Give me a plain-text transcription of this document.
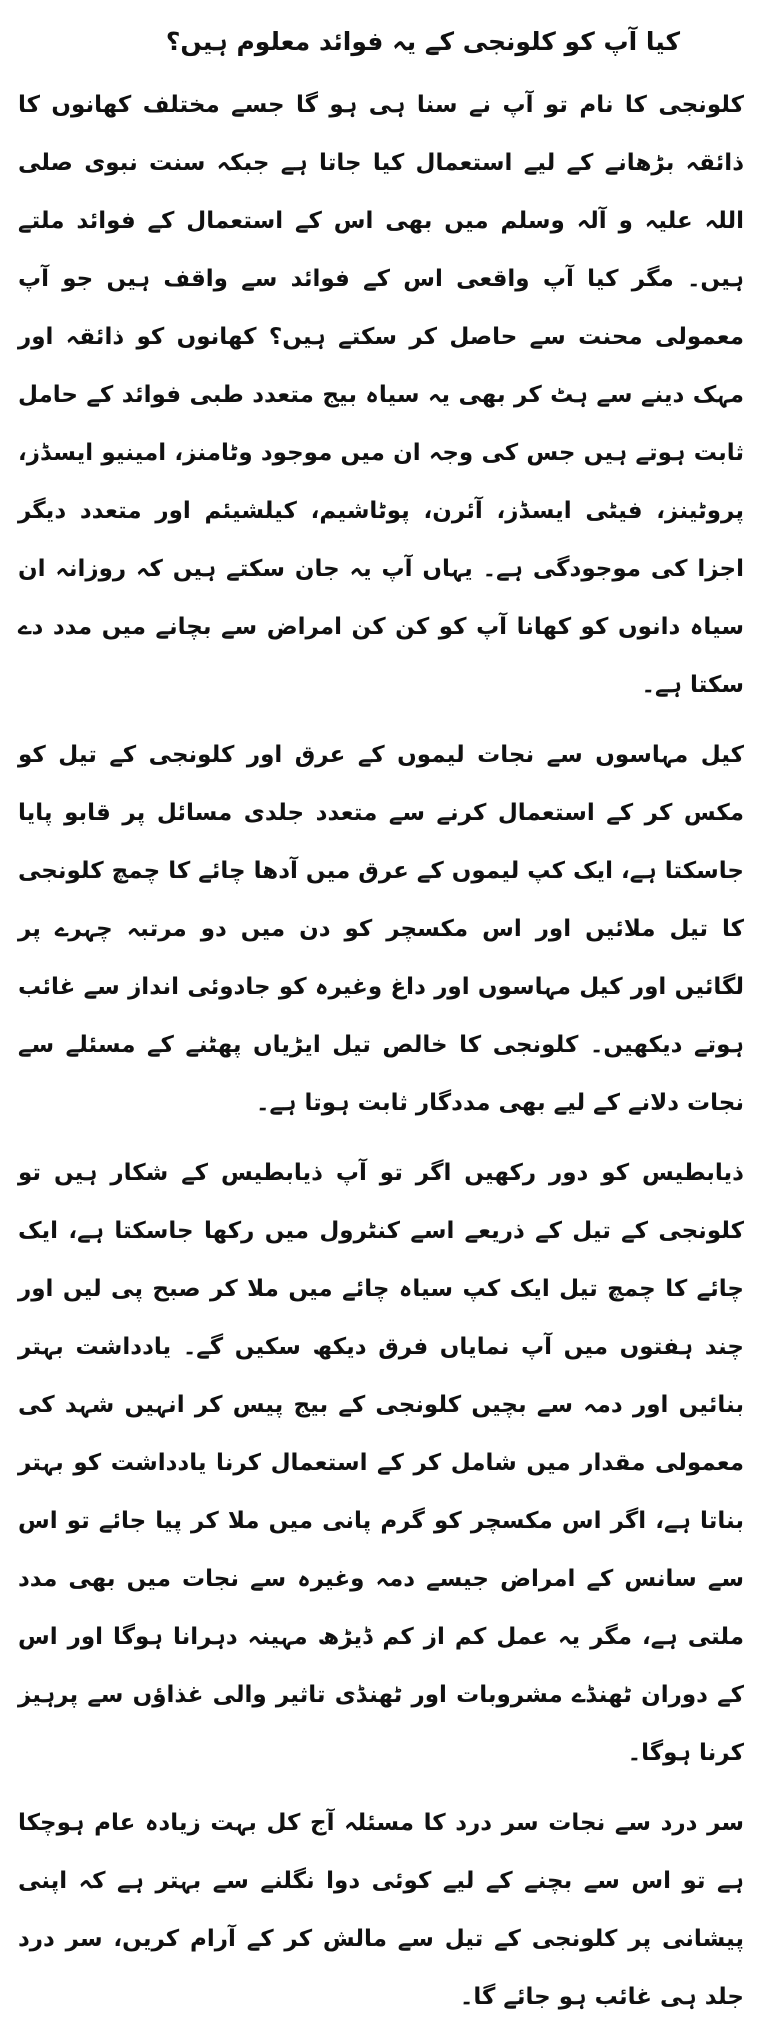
کیا آپ کو کلونجی کے یہ فوائد معلوم ہیں؟

کلونجی کا نام تو آپ نے سنا ہی ہو گا جسے مختلف کھانوں کا ذائقہ بڑھانے کے لیے استعمال کیا جاتا ہے جبکہ سنت نبوی صلی اللہ علیہ و آلہ وسلم میں بھی اس کے استعمال کے فوائد ملتے ہیں۔ مگر کیا آپ واقعی اس کے فوائد سے واقف ہیں جو آپ معمولی محنت سے حاصل کر سکتے ہیں؟ کھانوں کو ذائقہ اور مہک دینے سے ہٹ کر بھی یہ سیاہ بیج متعدد طبی فوائد کے حامل ثابت ہوتے ہیں جس کی وجہ ان میں موجود وٹامنز، امینیو ایسڈز، پروٹینز، فیٹی ایسڈز، آئرن، پوٹاشیم، کیلشیئم اور متعدد دیگر اجزا کی موجودگی ہے۔ یہاں آپ یہ جان سکتے ہیں کہ روزانہ ان سیاہ دانوں کو کھانا آپ کو کن کن امراض سے بچانے میں مدد دے سکتا ہے۔

کیل مہاسوں سے نجات لیموں کے عرق اور کلونجی کے تیل کو مکس کر کے استعمال کرنے سے متعدد جلدی مسائل پر قابو پایا جاسکتا ہے، ایک کپ لیموں کے عرق میں آدھا چائے کا چمچ کلونجی کا تیل ملائیں اور اس مکسچر کو دن میں دو مرتبہ چہرے پر لگائیں اور کیل مہاسوں اور داغ وغیرہ کو جادوئی انداز سے غائب ہوتے دیکھیں۔ کلونجی کا خالص تیل ایڑیاں پھٹنے کے مسئلے سے نجات دلانے کے لیے بھی مددگار ثابت ہوتا ہے۔

ذیابطیس کو دور رکھیں اگر تو آپ ذیابطیس کے شکار ہیں تو کلونجی کے تیل کے ذریعے اسے کنٹرول میں رکھا جاسکتا ہے، ایک چائے کا چمچ تیل ایک کپ سیاہ چائے میں ملا کر صبح پی لیں اور چند ہفتوں میں آپ نمایاں فرق دیکھ سکیں گے۔ یادداشت بہتر بنائیں اور دمہ سے بچیں کلونجی کے بیج پیس کر انہیں شہد کی معمولی مقدار میں شامل کر کے استعمال کرنا یادداشت کو بہتر بناتا ہے، اگر اس مکسچر کو گرم پانی میں ملا کر پیا جائے تو اس سے سانس کے امراض جیسے دمہ وغیرہ سے نجات میں بھی مدد ملتی ہے، مگر یہ عمل کم از کم ڈیڑھ مہینہ دہرانا ہوگا اور اس کے دوران ٹھنڈے مشروبات اور ٹھنڈی تاثیر والی غذاؤں سے پرہیز کرنا ہوگا۔

سر درد سے نجات سر درد کا مسئلہ آج کل بہت زیادہ عام ہوچکا ہے تو اس سے بچنے کے لیے کوئی دوا نگلنے سے بہتر ہے کہ اپنی پیشانی پر کلونجی کے تیل سے مالش کر کے آرام کریں، سر درد جلد ہی غائب ہو جائے گا۔
